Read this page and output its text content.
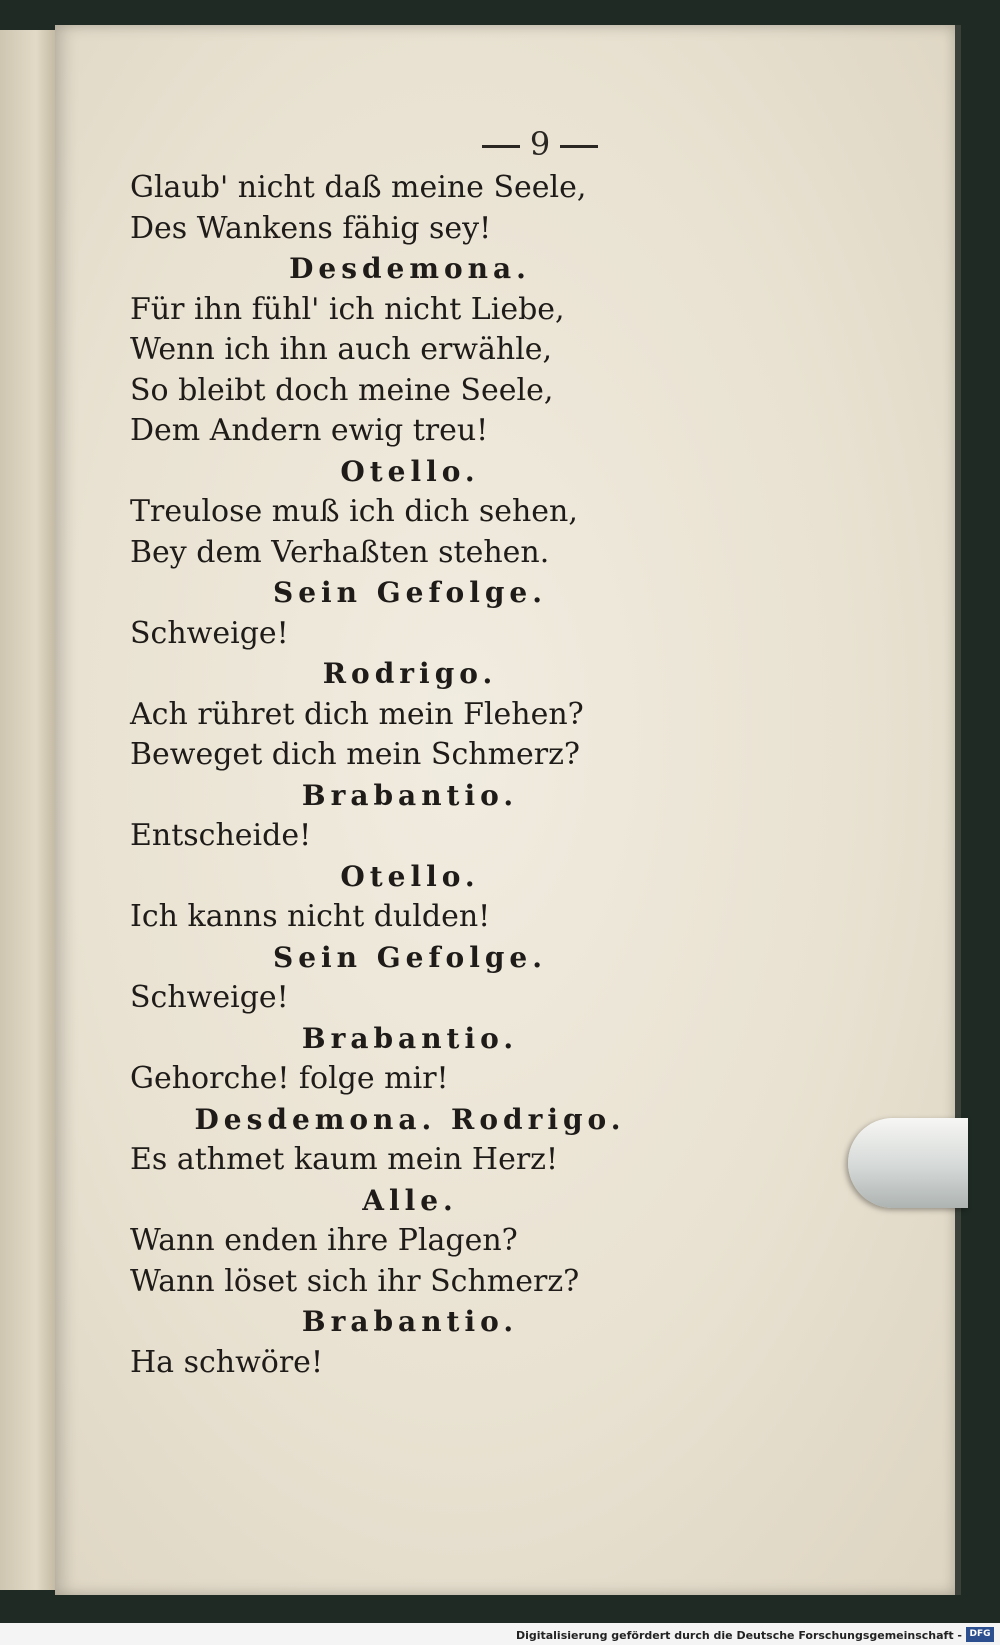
9
Glaub' nicht daß meine Seele,
Des Wankens fähig sey!
Desdemona.
Für ihn fühl' ich nicht Liebe,
Wenn ich ihn auch erwähle,
So bleibt doch meine Seele,
Dem Andern ewig treu!
Otello.
Treulose muß ich dich sehen,
Bey dem Verhaßten stehen.
Sein Gefolge.
Schweige!
Rodrigo.
Ach rühret dich mein Flehen?
Beweget dich mein Schmerz?
Brabantio.
Entscheide!
Otello.
Ich kanns nicht dulden!
Sein Gefolge.
Schweige!
Brabantio.
Gehorche! folge mir!
Desdemona. Rodrigo.
Es athmet kaum mein Herz!
Alle.
Wann enden ihre Plagen?
Wann löset sich ihr Schmerz?
Brabantio.
Ha schwöre!
Digitalisierung gefördert durch die Deutsche Forschungsgemeinschaft - DFG
